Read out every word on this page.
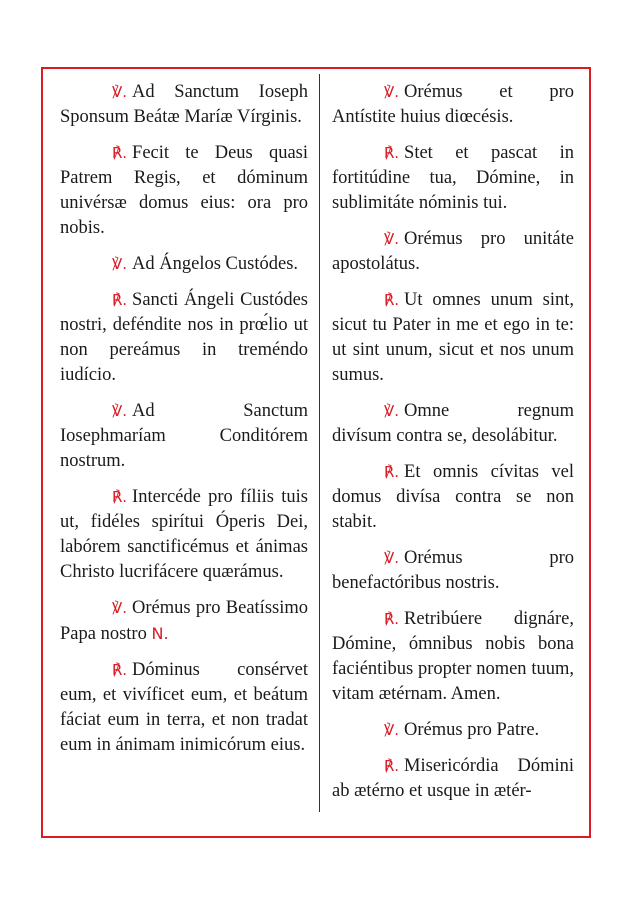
℣. Ad Sanctum Ioseph Sponsum Beátæ Maríæ Vírginis.

℟. Fecit te Deus quasi Patrem Regis, et dóminum univérsæ domus eius: ora pro nobis.

℣. Ad Ángelos Custódes.

℟. Sancti Ángeli Custódes nostri, deféndite nos in prœ́lio ut non pereámus in treméndo iudício.

℣. Ad Sanctum Iosephmaríam Conditórem nostrum.

℟. Intercéde pro fíliis tuis ut, fidéles spirítui Óperis Dei, labórem sanctificémus et ánimas Christo lucrifácere quærámus.

℣. Orémus pro Beatíssimo Papa nostro N.

℟. Dóminus consérvet eum, et vivíficet eum, et beátum fáciat eum in terra, et non tradat eum in ánimam inimicórum eius.

℣. Orémus et pro Antístite huius diœcésis.

℟. Stet et pascat in fortitúdine tua, Dómine, in sublimitáte nóminis tui.

℣. Orémus pro unitáte apostolátus.

℟. Ut omnes unum sint, sicut tu Pater in me et ego in te: ut sint unum, sicut et nos unum sumus.

℣. Omne regnum divísum contra se, desolábitur.

℟. Et omnis cívitas vel domus divísa contra se non stabit.

℣. Orémus pro benefactóribus nostris.

℟. Retribúere dignáre, Dómine, ómnibus nobis bona faciéntibus propter nomen tuum, vitam ætérnam. Amen.

℣. Orémus pro Patre.

℟. Misericórdia Dómini ab ætérno et usque in ætér-
